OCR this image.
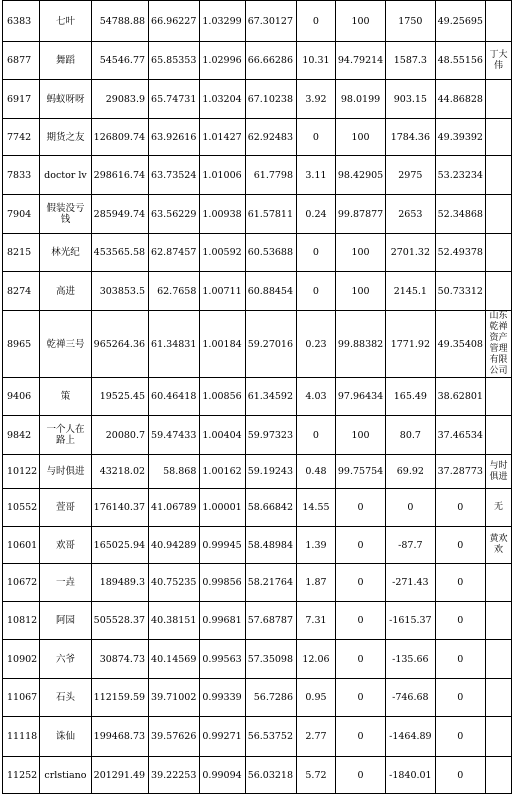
6383	七叶	54788.88	66.96227	1.03299	67.30127	0	100	1750	49.25695	
6877	舞蹈	54546.77	65.85353	1.02996	66.66286	10.31	94.79214	1587.3	48.55156	丁大伟
6917	蚂蚁呀呀	29083.9	65.74731	1.03204	67.10238	3.92	98.0199	903.15	44.86828	
7742	期货之友	126809.74	63.92616	1.01427	62.92483	0	100	1784.36	49.39392	
7833	doctor lv	298616.74	63.73524	1.01006	61.7798	3.11	98.42905	2975	53.23234	
7904	假装没亏钱	285949.74	63.56229	1.00938	61.57811	0.24	99.87877	2653	52.34868	
8215	林光纪	453565.58	62.87457	1.00592	60.53688	0	100	2701.32	52.49378	
8274	高进	303853.5	62.7658	1.00711	60.88454	0	100	2145.1	50.73312	
8965	乾禅三号	965264.36	61.34831	1.00184	59.27016	0.23	99.88382	1771.92	49.35408	山东乾禅资产管理有限公司
9406	策	19525.45	60.46418	1.00856	61.34592	4.03	97.96434	165.49	38.62801	
9842	一个人在路上	20080.7	59.47433	1.00404	59.97323	0	100	80.7	37.46534	
10122	与时俱进	43218.02	58.868	1.00162	59.19243	0.48	99.75754	69.92	37.28773	与时俱进
10552	萱哥	176140.37	41.06789	1.00001	58.66842	14.55	0	0	0	无
10601	欢哥	165025.94	40.94289	0.99945	58.48984	1.39	0	-87.7	0	黄欢欢
10672	一垚	189489.3	40.75235	0.99856	58.21764	1.87	0	-271.43	0	
10812	阿园	505528.37	40.38151	0.99681	57.68787	7.31	0	-1615.37	0	
10902	六爷	30874.73	40.14569	0.99563	57.35098	12.06	0	-135.66	0	
11067	石头	112159.59	39.71002	0.99339	56.7286	0.95	0	-746.68	0	
11118	诛仙	199468.73	39.57626	0.99271	56.53752	2.77	0	-1464.89	0	
11252	crlstiano	201291.49	39.22253	0.99094	56.03218	5.72	0	-1840.01	0	
